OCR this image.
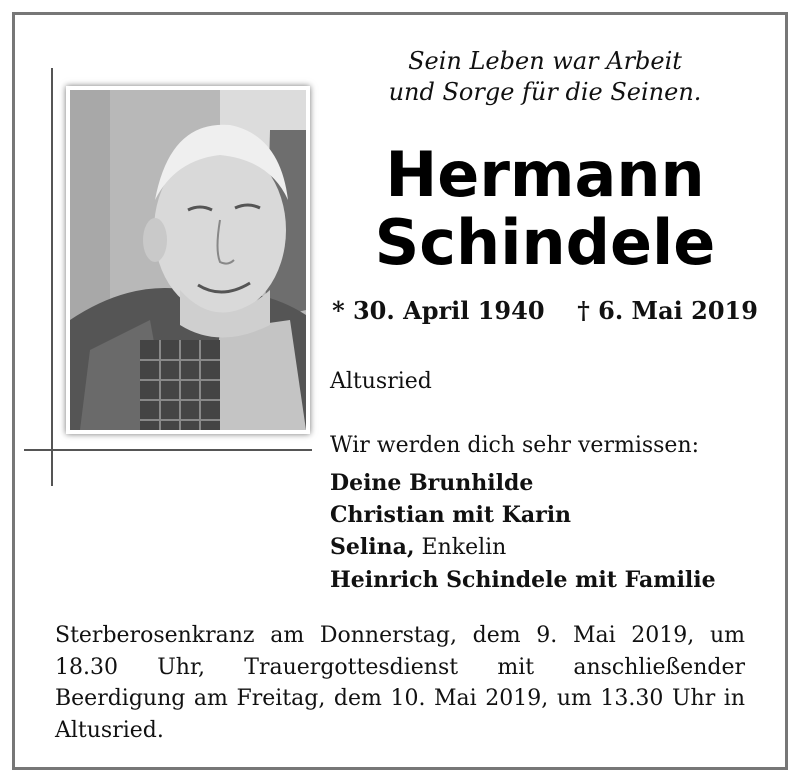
Sein Leben war Arbeit
und Sorge für die Seinen.
Hermann
Schindele
* 30. April 1940 † 6. Mai 2019
Altusried
Wir werden dich sehr vermissen:
Deine Brunhilde
Christian mit Karin
Selina, Enkelin
Heinrich Schindele mit Familie
Sterberosenkranz am Donnerstag, dem 9. Mai 2019, um 18.30 Uhr, Trauergottesdienst mit anschließender Beerdigung am Freitag, dem 10. Mai 2019, um 13.30 Uhr in Altusried.
